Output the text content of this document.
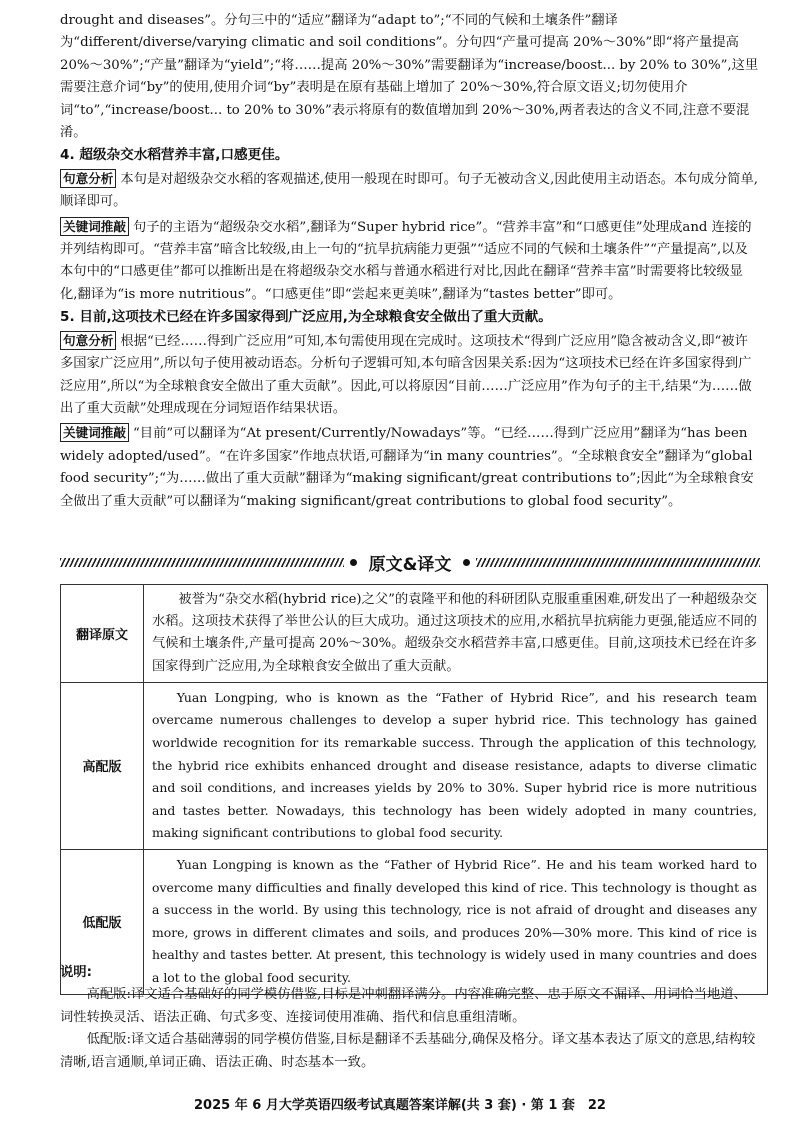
drought and diseases”。分句三中的“适应”翻译为“adapt to”;“不同的气候和土壤条件”翻译为“different/diverse/varying climatic and soil conditions”。分句四“产量可提高 20%～30%”即“将产量提高 20%～30%”;“产量”翻译为“yield”;“将……提高 20%～30%”需要翻译为“increase/boost... by 20% to 30%”,这里需要注意介词“by”的使用,使用介词“by”表明是在原有基础上增加了 20%～30%,符合原文语义;切勿使用介词“to”,“increase/boost... to 20% to 30%”表示将原有的数值增加到 20%～30%,两者表达的含义不同,注意不要混淆。

4. 超级杂交水稻营养丰富,口感更佳。

句意分析 本句是对超级杂交水稻的客观描述,使用一般现在时即可。句子无被动含义,因此使用主动语态。本句成分简单,顺译即可。

关键词推敲 句子的主语为“超级杂交水稻”,翻译为“Super hybrid rice”。“营养丰富”和“口感更佳”处理成and 连接的并列结构即可。“营养丰富”暗含比较级,由上一句的“抗旱抗病能力更强”“适应不同的气候和土壤条件”“产量提高”,以及本句中的“口感更佳”都可以推断出是在将超级杂交水稻与普通水稻进行对比,因此在翻译“营养丰富”时需要将比较级显化,翻译为“is more nutritious”。“口感更佳”即“尝起来更美味”,翻译为“tastes better”即可。

5. 目前,这项技术已经在许多国家得到广泛应用,为全球粮食安全做出了重大贡献。

句意分析 根据“已经……得到广泛应用”可知,本句需使用现在完成时。这项技术“得到广泛应用”隐含被动含义,即“被许多国家广泛应用”,所以句子使用被动语态。分析句子逻辑可知,本句暗含因果关系:因为“这项技术已经在许多国家得到广泛应用”,所以“为全球粮食安全做出了重大贡献”。因此,可以将原因“目前……广泛应用”作为句子的主干,结果“为……做出了重大贡献”处理成现在分词短语作结果状语。

关键词推敲 “目前”可以翻译为“At present/Currently/Nowadays”等。“已经……得到广泛应用”翻译为“has been widely adopted/used”。“在许多国家”作地点状语,可翻译为“in many countries”。“全球粮食安全”翻译为“global food security”;“为……做出了重大贡献”翻译为“making significant/great contributions to”;因此“为全球粮食安全做出了重大贡献”可以翻译为“making significant/great contributions to global food security”。

原文&译文
翻译原文	被誉为“杂交水稻(hybrid rice)之父”的袁隆平和他的科研团队克服重重困难,研发出了一种超级杂交水稻。这项技术获得了举世公认的巨大成功。通过这项技术的应用,水稻抗旱抗病能力更强,能适应不同的气候和土壤条件,产量可提高 20%～30%。超级杂交水稻营养丰富,口感更佳。目前,这项技术已经在许多国家得到广泛应用,为全球粮食安全做出了重大贡献。
高配版	Yuan Longping, who is known as the “Father of Hybrid Rice”, and his research team overcame numerous challenges to develop a super hybrid rice. This technology has gained worldwide recognition for its remarkable success. Through the application of this technology, the hybrid rice exhibits enhanced drought and disease resistance, adapts to diverse climatic and soil conditions, and increases yields by 20% to 30%. Super hybrid rice is more nutritious and tastes better. Nowadays, this technology has been widely adopted in many countries, making significant contributions to global food security.
低配版	Yuan Longping is known as the “Father of Hybrid Rice”. He and his team worked hard to overcome many difficulties and finally developed this kind of rice. This technology is thought as a success in the world. By using this technology, rice is not afraid of drought and diseases any more, grows in different climates and soils, and produces 20%—30% more. This kind of rice is healthy and tastes better. At present, this technology is widely used in many countries and does a lot to the global food security.

说明:

高配版:译文适合基础好的同学模仿借鉴,目标是冲刺翻译满分。内容准确完整、忠于原文不漏译、用词恰当地道、词性转换灵活、语法正确、句式多变、连接词使用准确、指代和信息重组清晰。

低配版:译文适合基础薄弱的同学模仿借鉴,目标是翻译不丢基础分,确保及格分。译文基本表达了原文的意思,结构较清晰,语言通顺,单词正确、语法正确、时态基本一致。

2025 年 6 月大学英语四级考试真题答案详解(共 3 套) · 第 1 套　22
